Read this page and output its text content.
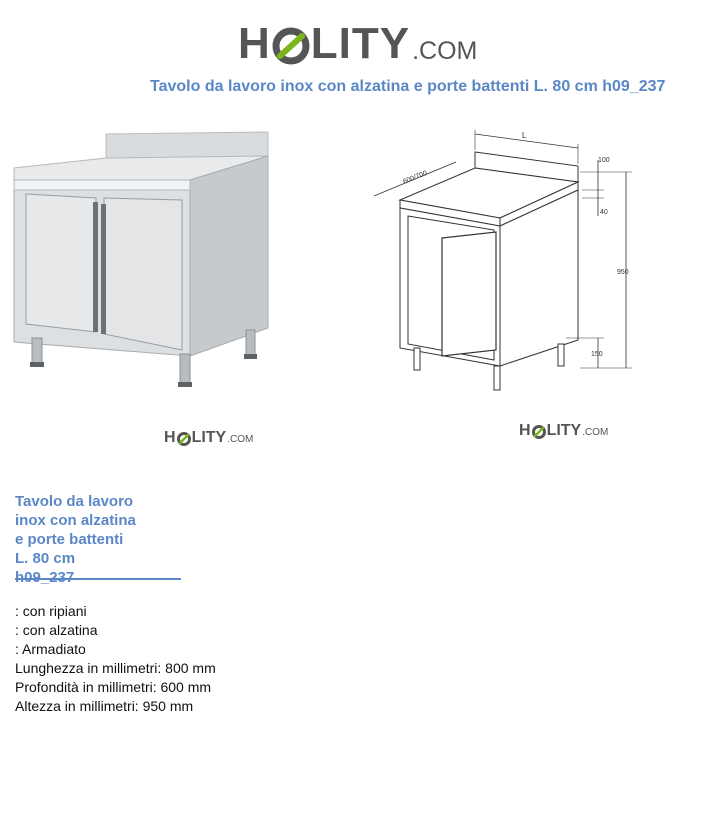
H LITY .COM
Tavolo da lavoro inox con alzatina e porte battenti L. 80 cm h09_237
H LITY .COM
L
600/700
100
40
950
150
H LITY .COM
Tavolo da lavoro
inox con alzatina
e porte battenti
L. 80 cm
: con ripiani
: con alzatina
: Armadiato
Lunghezza in millimetri: 800 mm
Profondità in millimetri: 600 mm
Altezza in millimetri: 950 mm
